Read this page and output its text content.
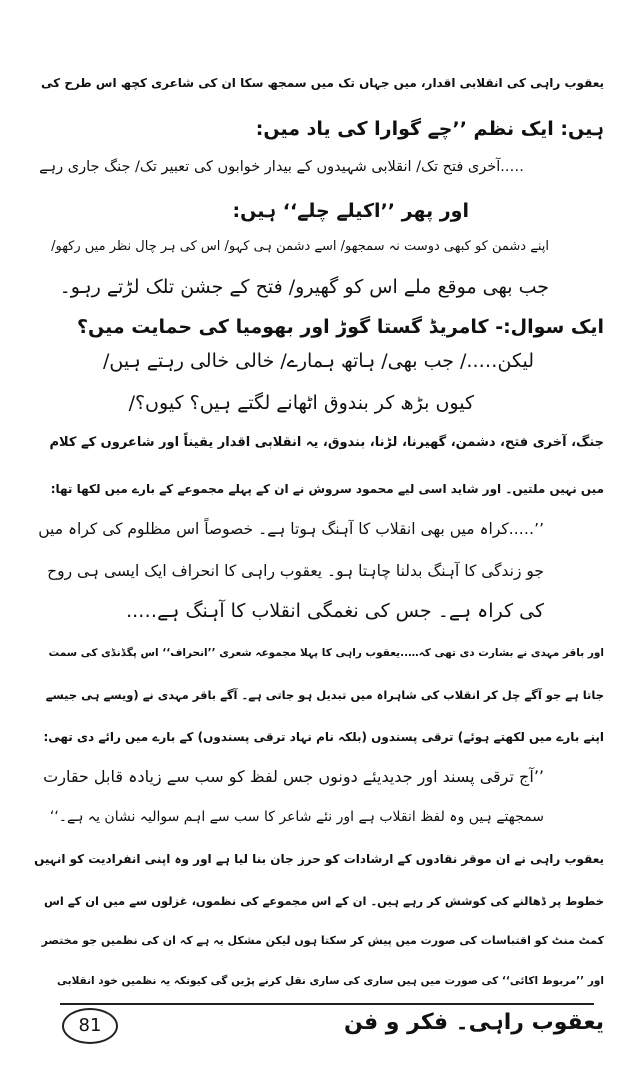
یعقوب راہی کی انقلابی اقدار، میں جہاں تک میں سمجھ سکا ان کی شاعری کچھ اس طرح کی
ہیں: ایک نظم ’’چے گوارا کی یاد میں:
…..آخری فتح تک/ انقلابی شہیدوں کے بیدار خوابوں کی تعبیر تک/ جنگ جاری رہے
اور پھر ’’اکیلے چلے‘‘ ہیں:
اپنے دشمن کو کبھی دوست نہ سمجھو/ اسے دشمن ہی کہو/ اس کی ہر چال نظر میں رکھو/
جب بھی موقع ملے اس کو گھیرو/ فتح کے جشن تلک لڑتے رہو۔
ایک سوال:- کامریڈ گستا گوڑ اور بھومیا کی حمایت میں؟
لیکن…../ جب بھی/ ہاتھ ہمارے/ خالی خالی رہتے ہیں/
کیوں بڑھ کر بندوق اٹھانے لگتے ہیں؟ کیوں؟/
جنگ، آخری فتح، دشمن، گھیرنا، لڑنا، بندوق، یہ انقلابی اقدار یقیناً اور شاعروں کے کلام
میں نہیں ملتیں۔ اور شاید اسی لیے محمود سروش نے ان کے پہلے مجموعے کے بارے میں لکھا تھا:
’’…..کراہ میں بھی انقلاب کا آہنگ ہوتا ہے۔ خصوصاً اس مظلوم کی کراہ میں
جو زندگی کا آہنگ بدلنا چاہتا ہو۔ یعقوب راہی کا انحراف ایک ایسی ہی روح
کی کراہ ہے۔ جس کی نغمگی انقلاب کا آہنگ ہے…..
اور باقر مہدی نے بشارت دی تھی کہ…..یعقوب راہی کا پہلا مجموعہ شعری ’’انحراف‘‘ اس پگڈنڈی کی سمت
جاتا ہے جو آگے چل کر انقلاب کی شاہراہ میں تبدیل ہو جاتی ہے۔ آگے باقر مہدی نے (ویسے ہی جیسے
اپنے بارے میں لکھتے ہوئے) ترقی پسندوں (بلکہ نام نہاد ترقی پسندوں) کے بارے میں رائے دی تھی:
’’آج ترقی پسند اور جدیدیئے دونوں جس لفظ کو سب سے زیادہ قابل حقارت
سمجھتے ہیں وہ لفظ انقلاب ہے اور نئے شاعر کا سب سے اہم سوالیہ نشان یہ ہے۔‘‘
یعقوب راہی نے ان موقر نقادوں کے ارشادات کو حرز جان بنا لیا ہے اور وہ اپنی انفرادیت کو انہیں
خطوط پر ڈھالنے کی کوشش کر رہے ہیں۔ ان کے اس مجموعے کی نظموں، غزلوں سے میں ان کے اس
کمٹ منٹ کو اقتباسات کی صورت میں پیش کر سکتا ہوں لیکن مشکل یہ ہے کہ ان کی نظمیں جو مختصر
اور ’’مربوط اکائی‘‘ کی صورت میں ہیں ساری کی ساری نقل کرنے پڑیں گی کیونکہ یہ نظمیں خود انقلابی
81	یعقوب راہی۔ فکر و فن
